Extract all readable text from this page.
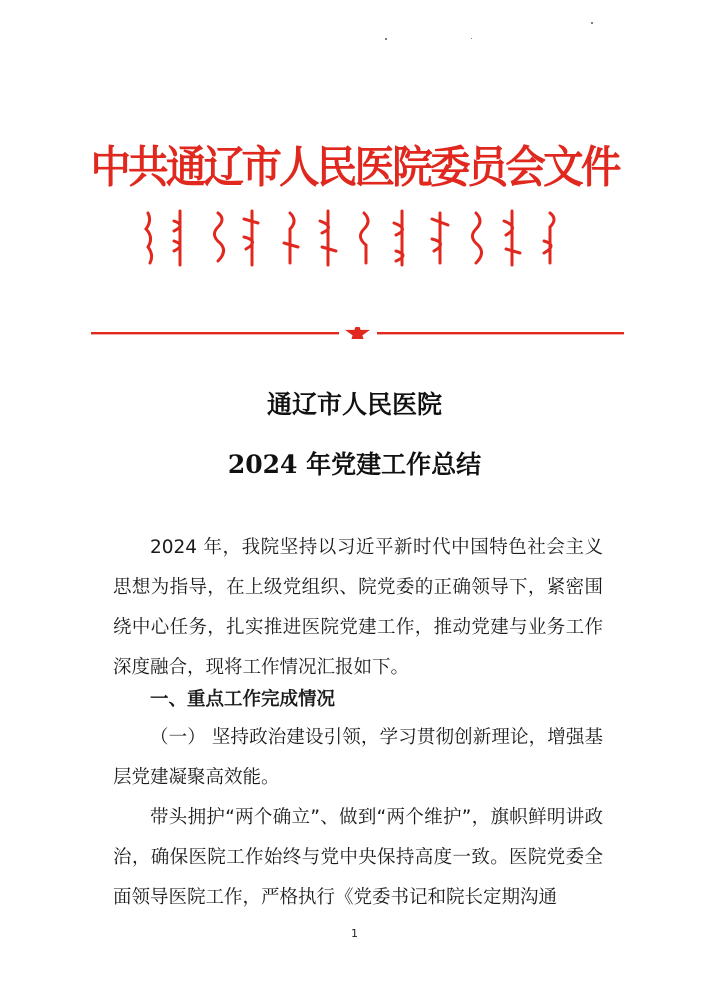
中共通辽市人民医院委员会文件
通辽市人民医院
2024 年党建工作总结
2024 年，我院坚持以习近平新时代中国特色社会主义思想为指导，在上级党组织、院党委的正确领导下，紧密围绕中心任务，扎实推进医院党建工作，推动党建与业务工作深度融合，现将工作情况汇报如下。
一、重点工作完成情况
（一） 坚持政治建设引领，学习贯彻创新理论，增强基层党建凝聚高效能。
带头拥护“两个确立”、做到“两个维护”，旗帜鲜明讲政治，确保医院工作始终与党中央保持高度一致。医院党委全面领导医院工作，严格执行《党委书记和院长定期沟通
1
